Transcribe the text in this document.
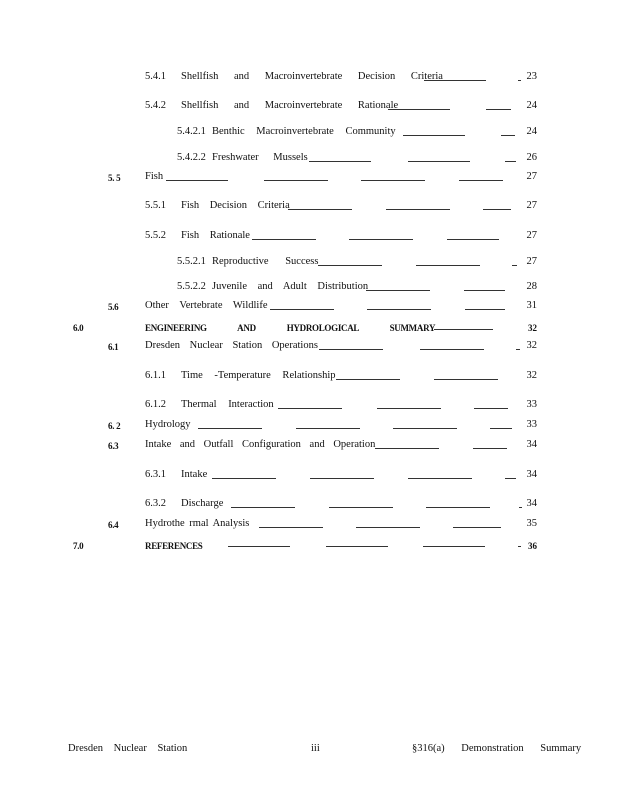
5.4.1 Shellfish and Macroinvertebrate Decision Criteria	23
5.4.2 Shellfish and Macroinvertebrate Rationale	24
5.4.2.1 Benthic Macroinvertebrate Community	24
5.4.2.2 Freshwater Mussels	26
5. 5 Fish	27
5.5.1 Fish Decision Criteria	27
5.5.2 Fish Rationale	27
5.5.2.1 Reproductive Success	27
5.5.2.2 Juvenile and Adult Distribution	28
5.6	Other Vertebrate Wildlife	31
6.0	ENGINEERING AND HYDROLOGICAL SUMMARY	32
6.1	Dresden Nuclear Station Operations	32
6.1.1 Time -Temperature Relationship	32
6.1.2 Thermal Interaction	33
6. 2 Hydrology	33
6.3	Intake and Outfall Configuration and Operation	34
6.3.1 Intake	34
6.3.2 Discharge	34
6.4	Hydrothe rmal Analysis	35
7.0	REFERENCES	36
Dresden Nuclear Station	iii	§316(a) Demonstration Summary
